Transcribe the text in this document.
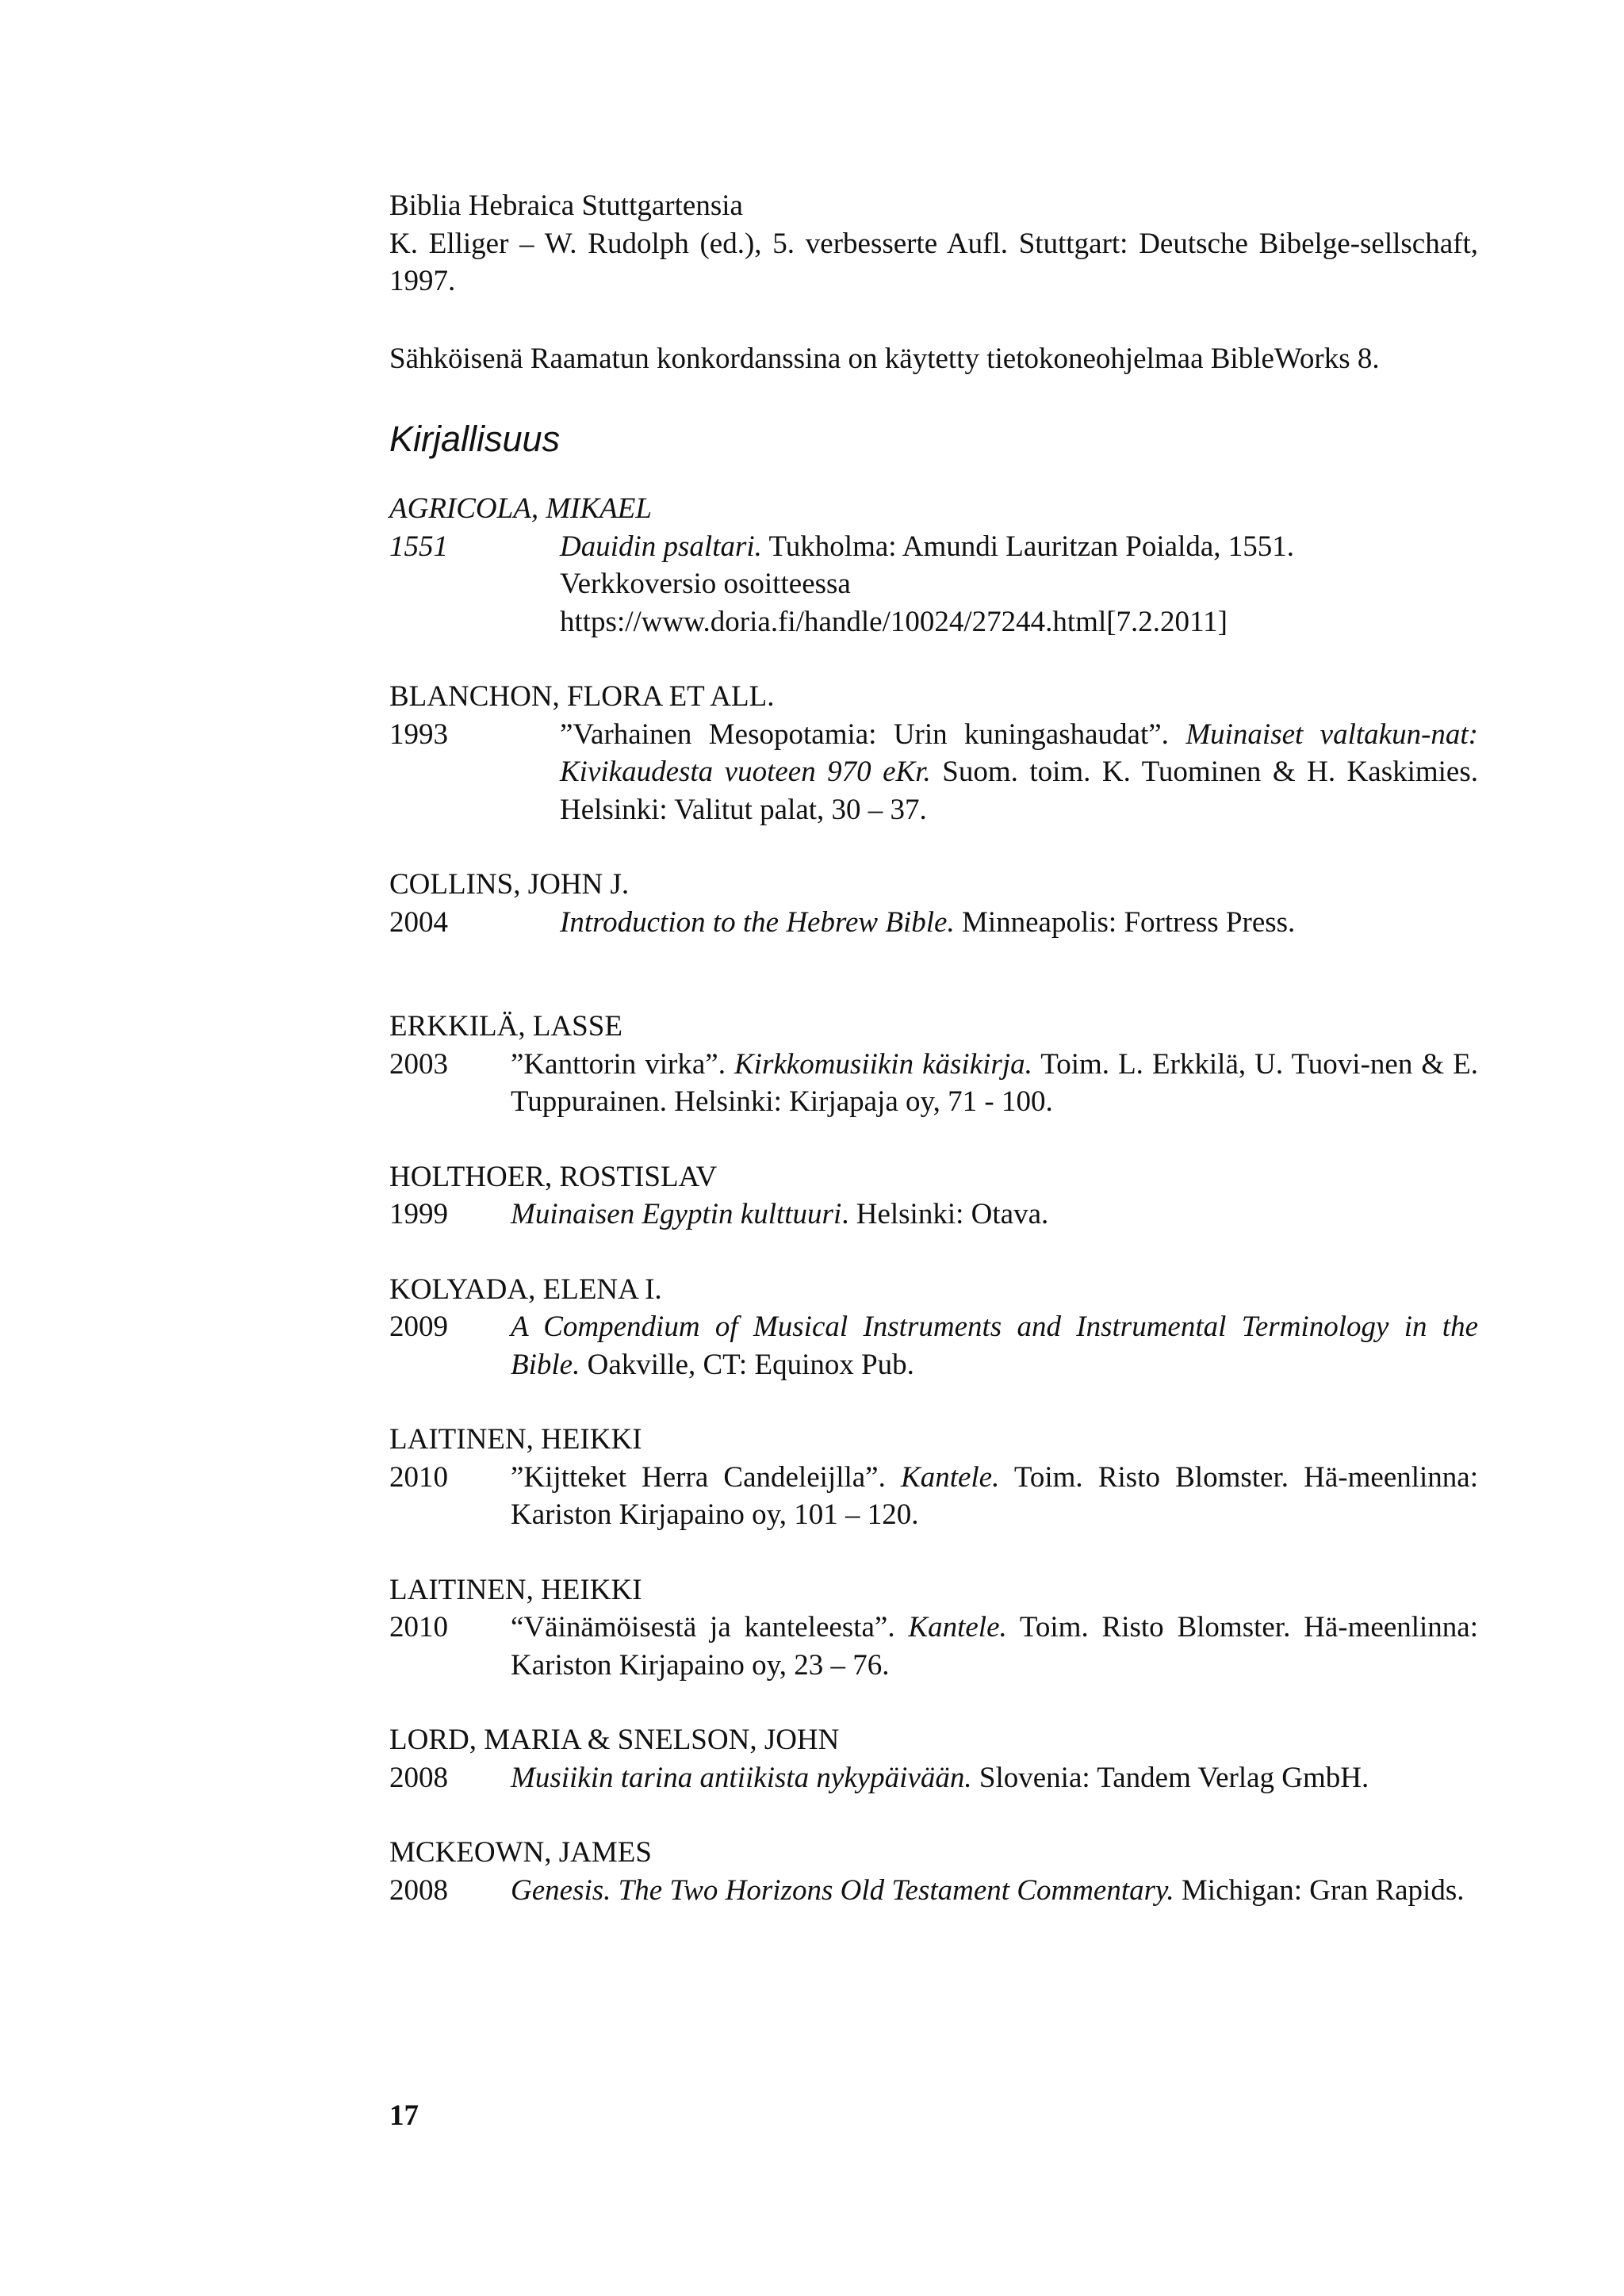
Biblia Hebraica Stuttgartensia

K. Elliger – W. Rudolph (ed.), 5. verbesserte Aufl. Stuttgart: Deutsche Bibelge-sellschaft, 1997.

Sähköisenä Raamatun konkordanssina on käytetty tietokoneohjelmaa BibleWorks 8.

Kirjallisuus

AGRICOLA, MIKAEL

1551	Dauidin psaltari. Tukholma: Amundi Lauritzan Poialda, 1551.
Verkkoversio osoitteessa
https://www.doria.fi/handle/10024/27244.html[7.2.2011]

BLANCHON, FLORA ET ALL.

1993	”Varhainen Mesopotamia: Urin kuningashaudat”. Muinaiset valtakun-nat: Kivikaudesta vuoteen 970 eKr. Suom. toim. K. Tuominen & H. Kaskimies. Helsinki: Valitut palat, 30 – 37.

COLLINS, JOHN J.

2004	Introduction to the Hebrew Bible. Minneapolis: Fortress Press.

ERKKILÄ, LASSE

2003	”Kanttorin virka”. Kirkkomusiikin käsikirja. Toim. L. Erkkilä, U. Tuovi-nen & E. Tuppurainen. Helsinki: Kirjapaja oy, 71 - 100.

HOLTHOER, ROSTISLAV

1999	Muinaisen Egyptin kulttuuri. Helsinki: Otava.

KOLYADA, ELENA I.

2009	A Compendium of Musical Instruments and Instrumental Terminology in the Bible. Oakville, CT: Equinox Pub.

LAITINEN, HEIKKI

2010	”Kijtteket Herra Candeleijlla”. Kantele. Toim. Risto Blomster. Hä-meenlinna: Kariston Kirjapaino oy, 101 – 120.

LAITINEN, HEIKKI

2010	“Väinämöisestä ja kanteleesta”. Kantele. Toim. Risto Blomster. Hä-meenlinna: Kariston Kirjapaino oy, 23 – 76.

LORD, MARIA & SNELSON, JOHN

2008	Musiikin tarina antiikista nykypäivään. Slovenia: Tandem Verlag GmbH.

MCKEOWN, JAMES

2008	Genesis. The Two Horizons Old Testament Commentary. Michigan: Gran Rapids.
17
